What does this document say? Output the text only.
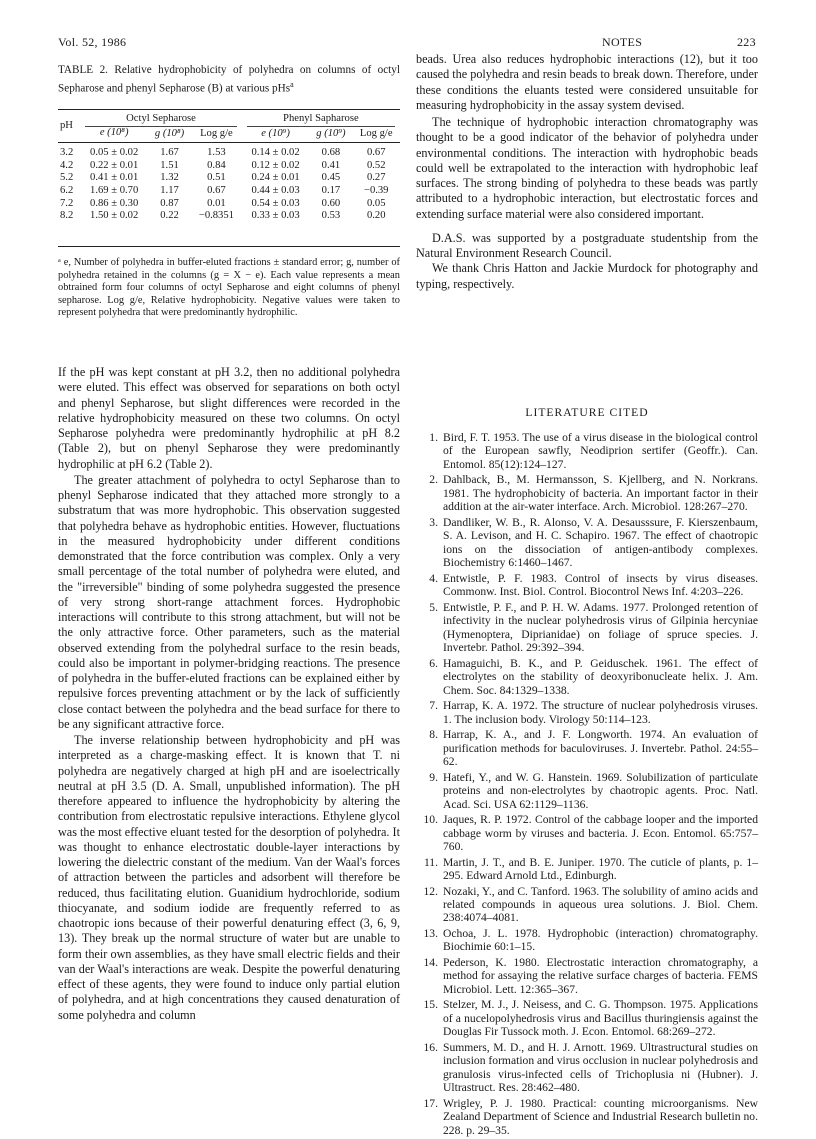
Vol. 52, 1986	NOTES	223
TABLE 2. Relative hydrophobicity of polyhedra on columns of octyl Sepharose and phenyl Sepharose (B) at various pHs$^a$
pH	Octyl Sepharose			Phenyl Sapharose		
	e (10⁸)	g (10⁸)	Log g/e	e (10⁹)	g (10⁹)	Log g/e
3.2	0.05 ± 0.02	1.67	1.53	0.14 ± 0.02	0.68	0.67
4.2	0.22 ± 0.01	1.51	0.84	0.12 ± 0.02	0.41	0.52
5.2	0.41 ± 0.01	1.32	0.51	0.24 ± 0.01	0.45	0.27
6.2	1.69 ± 0.70	1.17	0.67	0.44 ± 0.03	0.17	−0.39
7.2	0.86 ± 0.30	0.87	0.01	0.54 ± 0.03	0.60	0.05
8.2	1.50 ± 0.02	0.22	−0.8351	0.33 ± 0.03	0.53	0.20
ᵃ e, Number of polyhedra in buffer-eluted fractions ± standard error; g, number of polyhedra retained in the columns (g = X − e). Each value represents a mean obtrained form four columns of octyl Sepharose and eight columns of phenyl sepharose. Log g/e, Relative hydrophobicity. Negative values were taken to represent polyhedra that were predominantly hydrophilic.

If the pH was kept constant at pH 3.2, then no additional polyhedra were eluted. This effect was observed for separations on both octyl and phenyl Sepharose, but slight differences were recorded in the relative hydrophobicity measured on these two columns. On octyl Sepharose polyhedra were predominantly hydrophilic at pH 8.2 (Table 2), but on phenyl Sepharose they were predominantly hydrophilic at pH 6.2 (Table 2).

The greater attachment of polyhedra to octyl Sepharose than to phenyl Sepharose indicated that they attached more strongly to a substratum that was more hydrophobic. This observation suggested that polyhedra behave as hydrophobic entities. However, fluctuations in the measured hydrophobicity under different conditions demonstrated that the force contribution was complex. Only a very small percentage of the total number of polyhedra were eluted, and the "irreversible" binding of some polyhedra suggested the presence of very strong short-range attachment forces. Hydrophobic interactions will contribute to this strong attachment, but will not be the only attractive force. Other parameters, such as the material observed extending from the polyhedral surface to the resin beads, could also be important in polymer-bridging reactions. The presence of polyhedra in the buffer-eluted fractions can be explained either by repulsive forces preventing attachment or by the lack of sufficiently close contact between the polyhedra and the bead surface for there to be any significant attractive force.

The inverse relationship between hydrophobicity and pH was interpreted as a charge-masking effect. It is known that T. ni polyhedra are negatively charged at high pH and are isoelectrically neutral at pH 3.5 (D. A. Small, unpublished information). The pH therefore appeared to influence the hydrophobicity by altering the contribution from electrostatic repulsive interactions. Ethylene glycol was the most effective eluant tested for the desorption of polyhedra. It was thought to enhance electrostatic double-layer interactions by lowering the dielectric constant of the medium. Van der Waal's forces of attraction between the particles and adsorbent will therefore be reduced, thus facilitating elution. Guanidium hydrochloride, sodium thiocyanate, and sodium iodide are frequently referred to as chaotropic ions because of their powerful denaturing effect (3, 6, 9, 13). They break up the normal structure of water but are unable to form their own assemblies, as they have small electric fields and their van der Waal's interactions are weak. Despite the powerful denaturing effect of these agents, they were found to induce only partial elution of polyhedra, and at high concentrations they caused denaturation of some polyhedra and column

beads. Urea also reduces hydrophobic interactions (12), but it too caused the polyhedra and resin beads to break down. Therefore, under these conditions the eluants tested were considered unsuitable for measuring hydrophobicity in the assay system devised.

The technique of hydrophobic interaction chromatography was thought to be a good indicator of the behavior of polyhedra under environmental conditions. The interaction with hydrophobic beads could well be extrapolated to the interaction with hydrophobic leaf surfaces. The strong binding of polyhedra to these beads was partly attributed to a hydrophobic interaction, but electrostatic forces and extending surface material were also considered important.

D.A.S. was supported by a postgraduate studentship from the Natural Environment Research Council.

We thank Chris Hatton and Jackie Murdock for photography and typing, respectively.

LITERATURE CITED
1. Bird, F. T. 1953. The use of a virus disease in the biological control of the European sawfly, Neodiprion sertifer (Geoffr.). Can. Entomol. 85(12):124–127.
2. Dahlback, B., M. Hermansson, S. Kjellberg, and N. Norkrans. 1981. The hydrophobicity of bacteria. An important factor in their addition at the air-water interface. Arch. Microbiol. 128:267–270.
3. Dandliker, W. B., R. Alonso, V. A. Desausssure, F. Kierszenbaum, S. A. Levison, and H. C. Schapiro. 1967. The effect of chaotropic ions on the dissociation of antigen-antibody complexes. Biochemistry 6:1460–1467.
4. Entwistle, P. F. 1983. Control of insects by virus diseases. Commonw. Inst. Biol. Control. Biocontrol News Inf. 4:203–226.
5. Entwistle, P. F., and P. H. W. Adams. 1977. Prolonged retention of infectivity in the nuclear polyhedrosis virus of Gilpinia hercyniae (Hymenoptera, Diprianidae) on foliage of spruce species. J. Invertebr. Pathol. 29:392–394.
6. Hamaguichi, B. K., and P. Geiduschek. 1961. The effect of electrolytes on the stability of deoxyribonucleate helix. J. Am. Chem. Soc. 84:1329–1338.
7. Harrap, K. A. 1972. The structure of nuclear polyhedrosis viruses. 1. The inclusion body. Virology 50:114–123.
8. Harrap, K. A., and J. F. Longworth. 1974. An evaluation of purification methods for baculoviruses. J. Invertebr. Pathol. 24:55–62.
9. Hatefi, Y., and W. G. Hanstein. 1969. Solubilization of particulate proteins and non-electrolytes by chaotropic agents. Proc. Natl. Acad. Sci. USA 62:1129–1136.
10. Jaques, R. P. 1972. Control of the cabbage looper and the imported cabbage worm by viruses and bacteria. J. Econ. Entomol. 65:757–760.
11. Martin, J. T., and B. E. Juniper. 1970. The cuticle of plants, p. 1–295. Edward Arnold Ltd., Edinburgh.
12. Nozaki, Y., and C. Tanford. 1963. The solubility of amino acids and related compounds in aqueous urea solutions. J. Biol. Chem. 238:4074–4081.
13. Ochoa, J. L. 1978. Hydrophobic (interaction) chromatography. Biochimie 60:1–15.
14. Pederson, K. 1980. Electrostatic interaction chromatography, a method for assaying the relative surface charges of bacteria. FEMS Microbiol. Lett. 12:365–367.
15. Stelzer, M. J., J. Neisess, and C. G. Thompson. 1975. Applications of a nucelopolyhedrosis virus and Bacillus thuringiensis against the Douglas Fir Tussock moth. J. Econ. Entomol. 68:269–272.
16. Summers, M. D., and H. J. Arnott. 1969. Ultrastructural studies on inclusion formation and virus occlusion in nuclear polyhedrosis and granulosis virus-infected cells of Trichoplusia ni (Hubner). J. Ultrastruct. Res. 28:462–480.
17. Wrigley, P. J. 1980. Practical: counting microorganisms. New Zealand Department of Science and Industrial Research bulletin no. 228. p. 29–35.
